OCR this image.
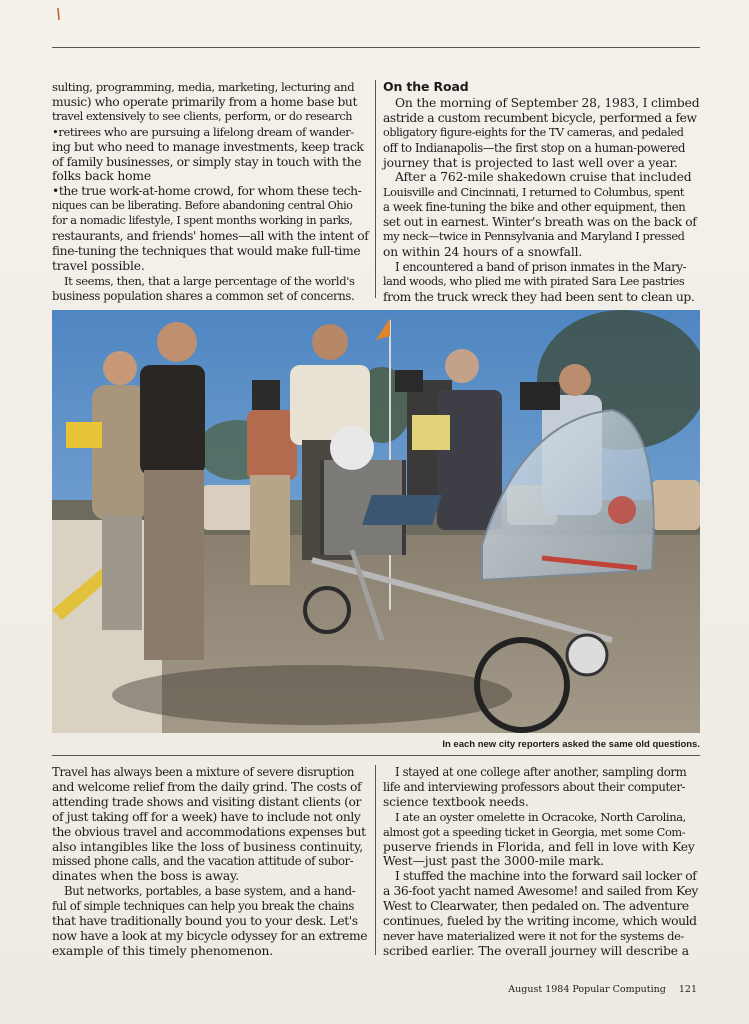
sulting, programming, media, marketing, lecturing and
music) who operate primarily from a home base but
travel extensively to see clients, perform, or do research
•retirees who are pursuing a lifelong dream of wander-
ing but who need to manage investments, keep track
of family businesses, or simply stay in touch with the
folks back home
•the true work-at-home crowd, for whom these tech-
niques can be liberating. Before abandoning central Ohio
for a nomadic lifestyle, I spent months working in parks,
restaurants, and friends' homes—all with the intent of
fine-tuning the techniques that would make full-time
travel possible.
It seems, then, that a large percentage of the world's
business population shares a common set of concerns.

On the Road

On the morning of September 28, 1983, I climbed
astride a custom recumbent bicycle, performed a few
obligatory figure-eights for the TV cameras, and pedaled
off to Indianapolis—the first stop on a human-powered
journey that is projected to last well over a year.
After a 762-mile shakedown cruise that included
Louisville and Cincinnati, I returned to Columbus, spent
a week fine-tuning the bike and other equipment, then
set out in earnest. Winter's breath was on the back of
my neck—twice in Pennsylvania and Maryland I pressed
on within 24 hours of a snowfall.
I encountered a band of prison inmates in the Mary-
land woods, who plied me with pirated Sara Lee pastries
from the truck wreck they had been sent to clean up.
In each new city reporters asked the same old questions.
Travel has always been a mixture of severe disruption
and welcome relief from the daily grind. The costs of
attending trade shows and visiting distant clients (or
of just taking off for a week) have to include not only
the obvious travel and accommodations expenses but
also intangibles like the loss of business continuity,
missed phone calls, and the vacation attitude of subor-
dinates when the boss is away.
But networks, portables, a base system, and a hand-
ful of simple techniques can help you break the chains
that have traditionally bound you to your desk. Let's
now have a look at my bicycle odyssey for an extreme
example of this timely phenomenon.
I stayed at one college after another, sampling dorm
life and interviewing professors about their computer-
science textbook needs.
I ate an oyster omelette in Ocracoke, North Carolina,
almost got a speeding ticket in Georgia, met some Com-
puserve friends in Florida, and fell in love with Key
West—just past the 3000-mile mark.
I stuffed the machine into the forward sail locker of
a 36-foot yacht named Awesome! and sailed from Key
West to Clearwater, then pedaled on. The adventure
continues, fueled by the writing income, which would
never have materialized were it not for the systems de-
scribed earlier. The overall journey will describe a
August 1984 Popular Computing 121
